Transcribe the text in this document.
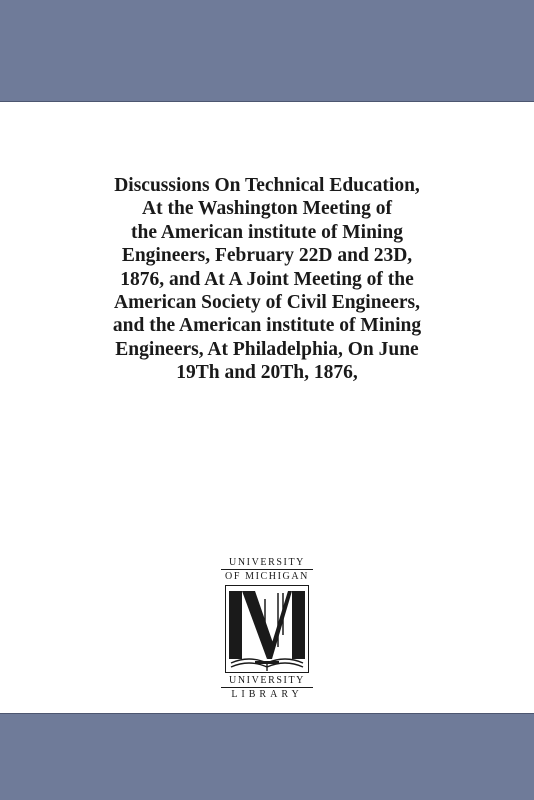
Discussions On Technical Education,
At the Washington Meeting of
the American institute of Mining
Engineers, February 22D and 23D,
1876, and At A Joint Meeting of the
American Society of Civil Engineers,
and the American institute of Mining
Engineers, At Philadelphia, On June
19Th and 20Th, 1876,
UNIVERSITY
OF MICHIGAN
UNIVERSITY
LIBRARY
